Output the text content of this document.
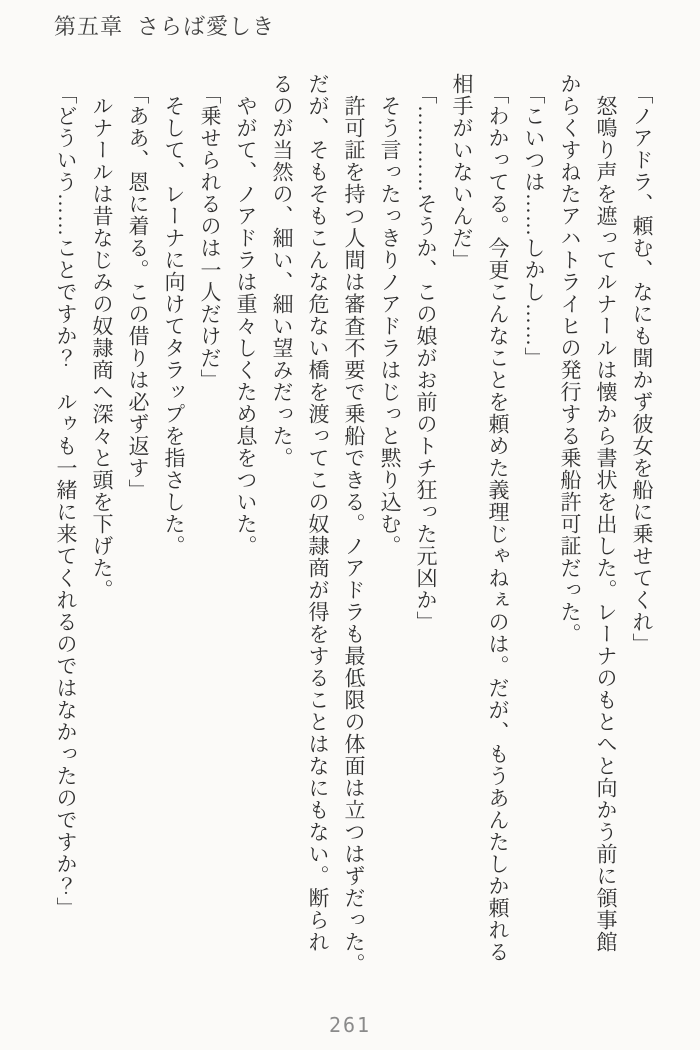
第五章 さらば愛しき
「ノアドラ、頼む、なにも聞かず彼女を船に乗せてくれ」
怒鳴り声を遮ってルナールは懐から書状を出した。レーナのもとへと向かう前に領事館
からくすねたアハトライヒの発行する乗船許可証だった。
「こいつは……しかし……」
「わかってる。今更こんなことを頼めた義理じゃねぇのは。だが、もうあんたしか頼れる
相手がいないんだ」
「…………そうか、この娘がお前のトチ狂った元凶か」
そう言ったっきりノアドラはじっと黙り込む。
許可証を持つ人間は審査不要で乗船できる。ノアドラも最低限の体面は立つはずだった。
だが、そもそもこんな危ない橋を渡ってこの奴隷商が得をすることはなにもない。断られ
るのが当然の、細い、細い望みだった。
やがて、ノアドラは重々しくため息をついた。
「乗せられるのは一人だけだ」
そして、レーナに向けてタラップを指さした。
「ああ、恩に着る。この借りは必ず返す」
ルナールは昔なじみの奴隷商へ深々と頭を下げた。
「どういう……ことですか？　ルゥも一緒に来てくれるのではなかったのですか？」
261
